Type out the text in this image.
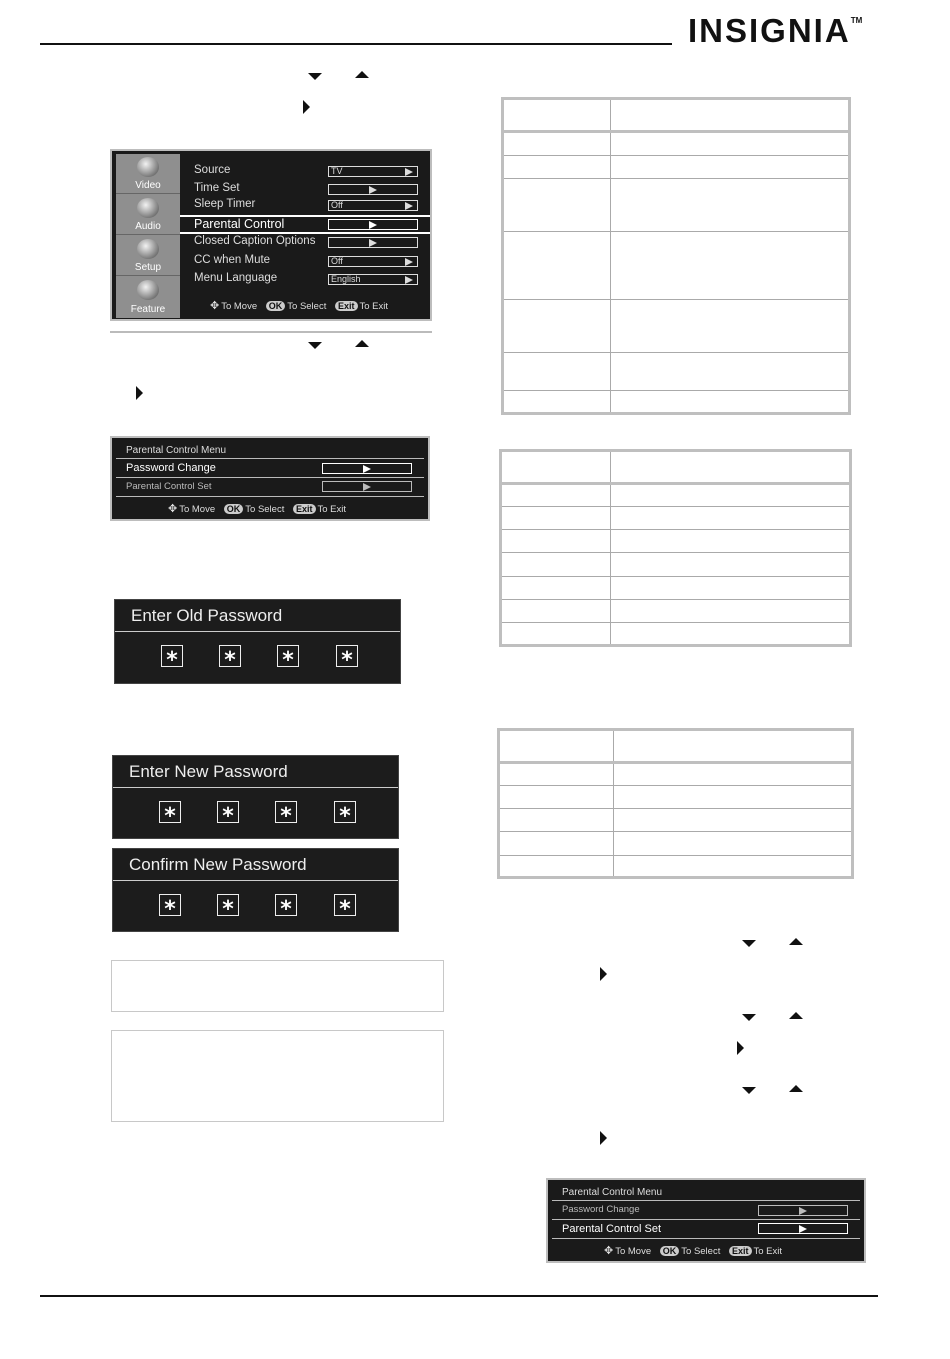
INSIGNIA™
Video
Audio
Setup
Feature
Source	TV
Time Set
Sleep Timer	Off
Parental Control
Closed Caption Options
CC when Mute	Off
Menu Language	English
✥ To Move OK To Select Exit To Exit
Parental Control Menu
Password Change
Parental Control Set
✥ To Move OK To Select Exit To Exit
Enter Old Password
* * * *
Enter New Password
* * * *
Confirm New Password
* * * *
Parental Control Menu
Password Change
Parental Control Set
✥ To Move OK To Select Exit To Exit
